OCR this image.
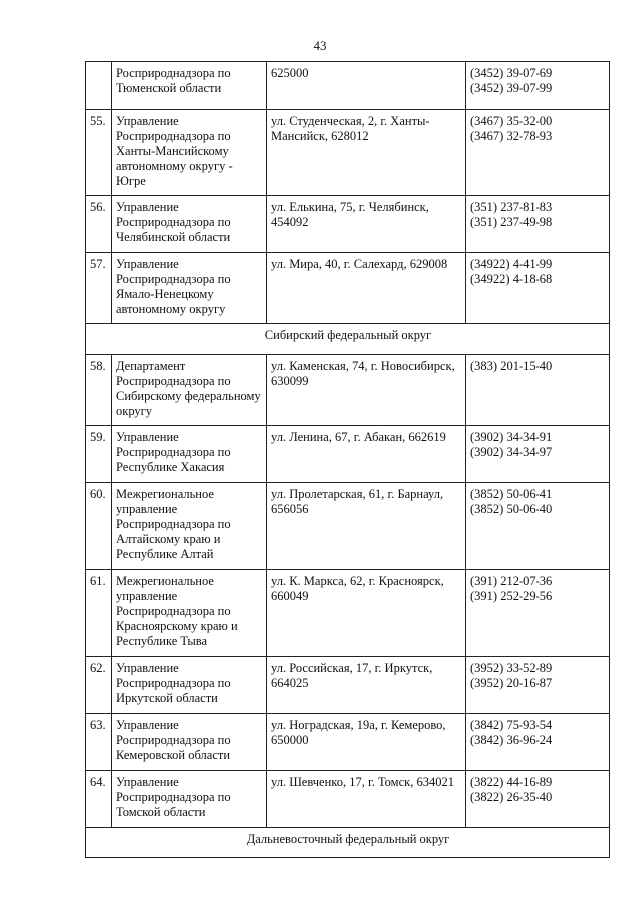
43
	Росприроднадзора по Тюменской области	625000	(3452) 39-07-69
(3452) 39-07-99

55.	Управление Росприроднадзора по Ханты-Мансийскому автономному округу - Югре	ул. Студенческая, 2, г. Ханты-Мансийск, 628012	(3467) 35-32-00
(3467) 32-78-93

56.	Управление Росприроднадзора по Челябинской области	ул. Елькина, 75, г. Челябинск, 454092	(351) 237-81-83
(351) 237-49-98

57.	Управление Росприроднадзора по Ямало-Ненецкому автономному округу	ул. Мира, 40, г. Салехард, 629008	(34922) 4-41-99
(34922) 4-18-68

Сибирский федеральный округ			
58.	Департамент Росприроднадзора по Сибирскому федеральному округу	ул. Каменская, 74, г. Новосибирск, 630099	(383) 201-15-40

59.	Управление Росприроднадзора по Республике Хакасия	ул. Ленина, 67, г. Абакан, 662619	(3902) 34-34-91
(3902) 34-34-97

60.	Межрегиональное управление Росприроднадзора по Алтайскому краю и Республике Алтай	ул. Пролетарская, 61, г. Барнаул, 656056	(3852) 50-06-41
(3852) 50-06-40

61.	Межрегиональное управление Росприроднадзора по Красноярскому краю и Республике Тыва	ул. К. Маркса, 62, г. Красноярск, 660049	(391) 212-07-36
(391) 252-29-56

62.	Управление Росприроднадзора по Иркутской области	ул. Российская, 17, г. Иркутск, 664025	(3952) 33-52-89
(3952) 20-16-87

63.	Управление Росприроднадзора по Кемеровской области	ул. Ноградская, 19а, г. Кемерово, 650000	(3842) 75-93-54
(3842) 36-96-24

64.	Управление Росприроднадзора по Томской области	ул. Шевченко, 17, г. Томск, 634021	(3822) 44-16-89
(3822) 26-35-40

Дальневосточный федеральный округ			
